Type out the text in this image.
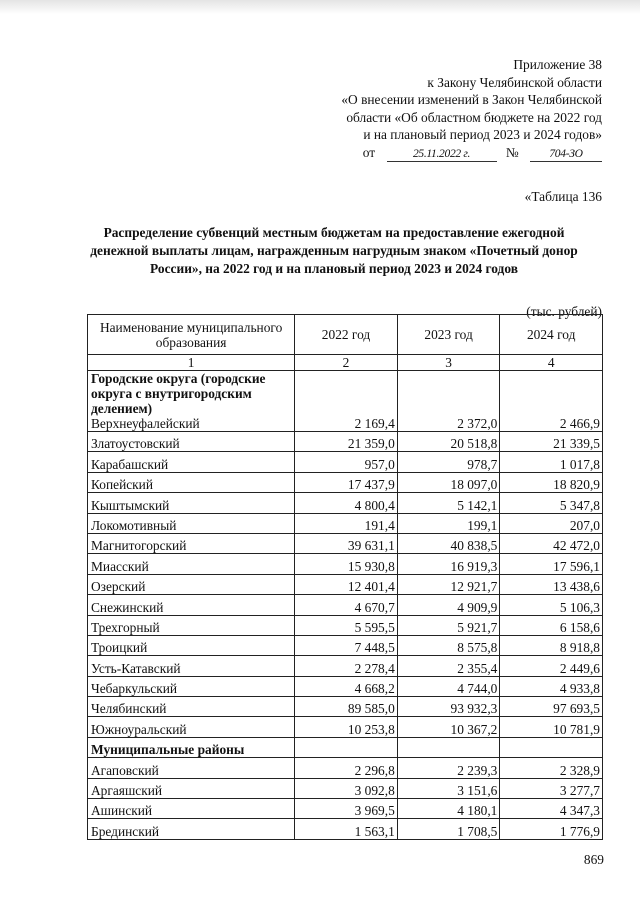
Приложение 38
к Закону Челябинской области
«О внесении изменений в Закон Челябинской
области «Об областном бюджете на 2022 год
и на плановый период 2023 и 2024 годов»
от	25.11.2022 г.	№	704-ЗО
«Таблица 136
Распределение субвенций местным бюджетам на предоставление ежегодной денежной выплаты лицам, награжденным нагрудным знаком «Почетный донор России», на 2022 год и на плановый период 2023 и 2024 годов
(тыс. рублей)
Наименование муниципального образования	2022 год	2023 год	2024 год
1	2	3	4
Городские округа (городские округа с внутригородским делением)
Верхнеуфалейский	2 169,4	2 372,0	2 466,9
Златоустовский	21 359,0	20 518,8	21 339,5
Карабашский	957,0	978,7	1 017,8
Копейский	17 437,9	18 097,0	18 820,9
Кыштымский	4 800,4	5 142,1	5 347,8
Локомотивный	191,4	199,1	207,0
Магнитогорский	39 631,1	40 838,5	42 472,0
Миасский	15 930,8	16 919,3	17 596,1
Озерский	12 401,4	12 921,7	13 438,6
Снежинский	4 670,7	4 909,9	5 106,3
Трехгорный	5 595,5	5 921,7	6 158,6
Троицкий	7 448,5	8 575,8	8 918,8
Усть-Катавский	2 278,4	2 355,4	2 449,6
Чебаркульский	4 668,2	4 744,0	4 933,8
Челябинский	89 585,0	93 932,3	97 693,5
Южноуральский	10 253,8	10 367,2	10 781,9
Муниципальные районы			
Агаповский	2 296,8	2 239,3	2 328,9
Аргаяшский	3 092,8	3 151,6	3 277,7
Ашинский	3 969,5	4 180,1	4 347,3
Брединский	1 563,1	1 708,5	1 776,9
869
